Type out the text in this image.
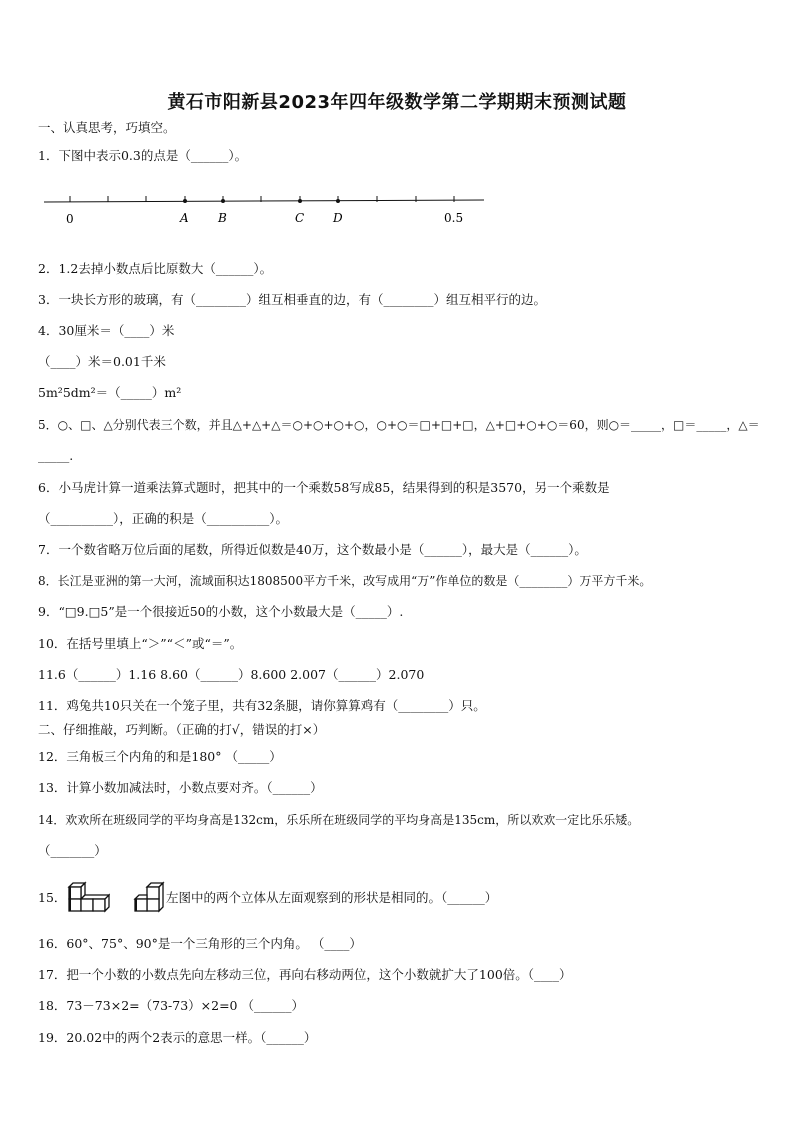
黄石市阳新县2023年四年级数学第二学期期末预测试题
一、认真思考，巧填空。
1．下图中表示0.3的点是（______）。
0	A B	C D	0.5
2．1.2去掉小数点后比原数大（______）。
3．一块长方形的玻璃，有（________）组互相垂直的边，有（________）组互相平行的边。
4．30厘米＝（____）米
（____）米＝0.01千米
5m²5dm²＝（_____）m²
5．○、□、△分别代表三个数，并且△+△+△＝○+○+○+○，○+○＝□+□+□，△+□+○+○＝60，则○＝_____，□＝_____，△＝
_____.
6．小马虎计算一道乘法算式题时，把其中的一个乘数58写成85，结果得到的积是3570，另一个乘数是
（__________），正确的积是（__________）。
7．一个数省略万位后面的尾数，所得近似数是40万，这个数最小是（______），最大是（______）。
8．长江是亚洲的第一大河，流域面积达1808500平方千米，改写成用“万”作单位的数是（________）万平方千米。
9．“□9.□5”是一个很接近50的小数，这个小数最大是（_____）.
10．在括号里填上“＞”“＜”或“＝”。
11.6（______）1.16 8.60（______）8.600 2.007（______）2.070
11．鸡兔共10只关在一个笼子里，共有32条腿，请你算算鸡有（________）只。
二、仔细推敲，巧判断。（正确的打√，错误的打×）
12．三角板三个内角的和是180° （_____）
13．计算小数加减法时，小数点要对齐。（______）
14．欢欢所在班级同学的平均身高是132cm，乐乐所在班级同学的平均身高是135cm，所以欢欢一定比乐乐矮。
（_______）
15．	左图中的两个立体从左面观察到的形状是相同的。（______）
16．60°、75°、90°是一个三角形的三个内角。 （____）
17．把一个小数的小数点先向左移动三位，再向右移动两位，这个小数就扩大了100倍。（____）
18．73－73×2=（73-73）×2=0 （______）
19．20.02中的两个2表示的意思一样。（______）
